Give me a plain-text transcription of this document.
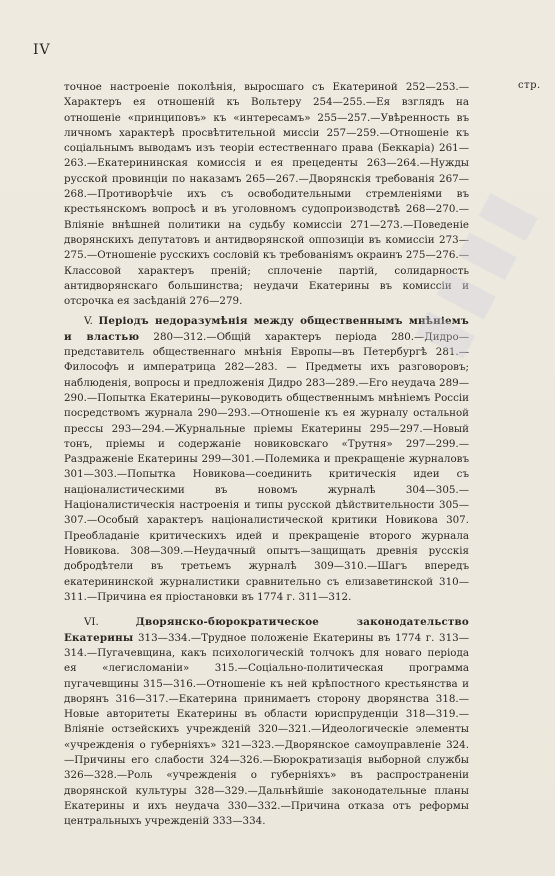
IV
стр.

точное настроеніе поколѣнія, выросшаго съ Екатериной 252—253.—Характеръ ея отношеній къ Вольтеру 254—255.—Ея взглядъ на отношеніе «принциповъ» къ «интересамъ» 255—257.—Увѣренность въ личномъ характерѣ просвѣтительной миссіи 257—259.—Отношеніе къ соціальнымъ выводамъ изъ теоріи естественнаго права (Беккаріа) 261—263.—Екатерининская комиссія и ея прецеденты 263—264.—Нужды русской провинціи по наказамъ 265—267.—Дворянскія требованія 267—268.—Противорѣчіе ихъ съ освободительными стремленіями въ крестьянскомъ вопросѣ и въ уголовномъ судопроизводствѣ 268—270.—Вліяніе внѣшней политики на судьбу комиссіи 271—273.—Поведеніе дворянскихъ депутатовъ и антидворянской оппозиціи въ комиссіи 273—275.—Отношеніе русскихъ сословій къ требованіямъ окраинъ 275—276.—Классовой характеръ преній; сплоченіе партій, солидарность антидворянскаго большинства; неудачи Екатерины въ комиссіи и отсрочка ея засѣданій 276—279.

V. Періодъ недоразумѣнія между общественнымъ мнѣніемъ и властью 280—312.—Общій характеръ періода 280.—Дидро—представитель общественнаго мнѣнія Европы—въ Петербургѣ 281.—Философъ и императрица 282—283. — Предметы ихъ разговоровъ; наблюденія, вопросы и предложенія Дидро 283—289.—Его неудача 289—290.—Попытка Екатерины—руководить общественнымъ мнѣніемъ Россіи посредствомъ журнала 290—293.—Отношеніе къ ея журналу остальной прессы 293—294.—Журнальные пріемы Екатерины 295—297.—Новый тонъ, пріемы и содержаніе новиковскаго «Трутня» 297—299.—Раздраженіе Екатерины 299—301.—Полемика и прекращеніе журналовъ 301—303.—Попытка Новикова—соединить критическія идеи съ націоналистическими въ новомъ журналѣ 304—305.—Націоналистическія настроенія и типы русской дѣйствительности 305—307.—Особый характеръ націоналистической критики Новикова 307. Преобладаніе критическихъ идей и прекращеніе второго журнала Новикова. 308—309.—Неудачный опытъ—защищать древнія русскія добродѣтели въ третьемъ журналѣ 309—310.—Шагъ впередъ екатерининской журналистики сравнительно съ елизаветинской 310—311.—Причина ея пріостановки въ 1774 г. 311—312.

VI.	Дворянско-бюрократическое законодательство Екатерины 313—334.—Трудное положеніе Екатерины въ 1774 г. 313—314.—Пугачевщина, какъ психологическій толчокъ для новаго періода ея «легисломаніи» 315.—Соціально-политическая программа пугачевщины 315—316.—Отношеніе къ ней крѣпостного крестьянства и дворянъ 316—317.—Екатерина принимаетъ сторону дворянства 318.—Новые авторитеты Екатерины въ области юриспруденціи 318—319.—Вліяніе остзейскихъ учрежденій 320—321.—Идеологическіе элементы «учрежденія о губерніяхъ» 321—323.—Дворянское самоуправленіе 324.—Причины его слабости 324—326.—Бюрократизація выборной службы 326—328.—Роль «учрежденія о губерніяхъ» въ распространеніи дворянской культуры 328—329.—Дальнѣйшіе законодательные планы Екатерины и ихъ неудача 330—332.—Причина отказа отъ реформы центральныхъ учрежденій 333—334.

▮▮▮▮
